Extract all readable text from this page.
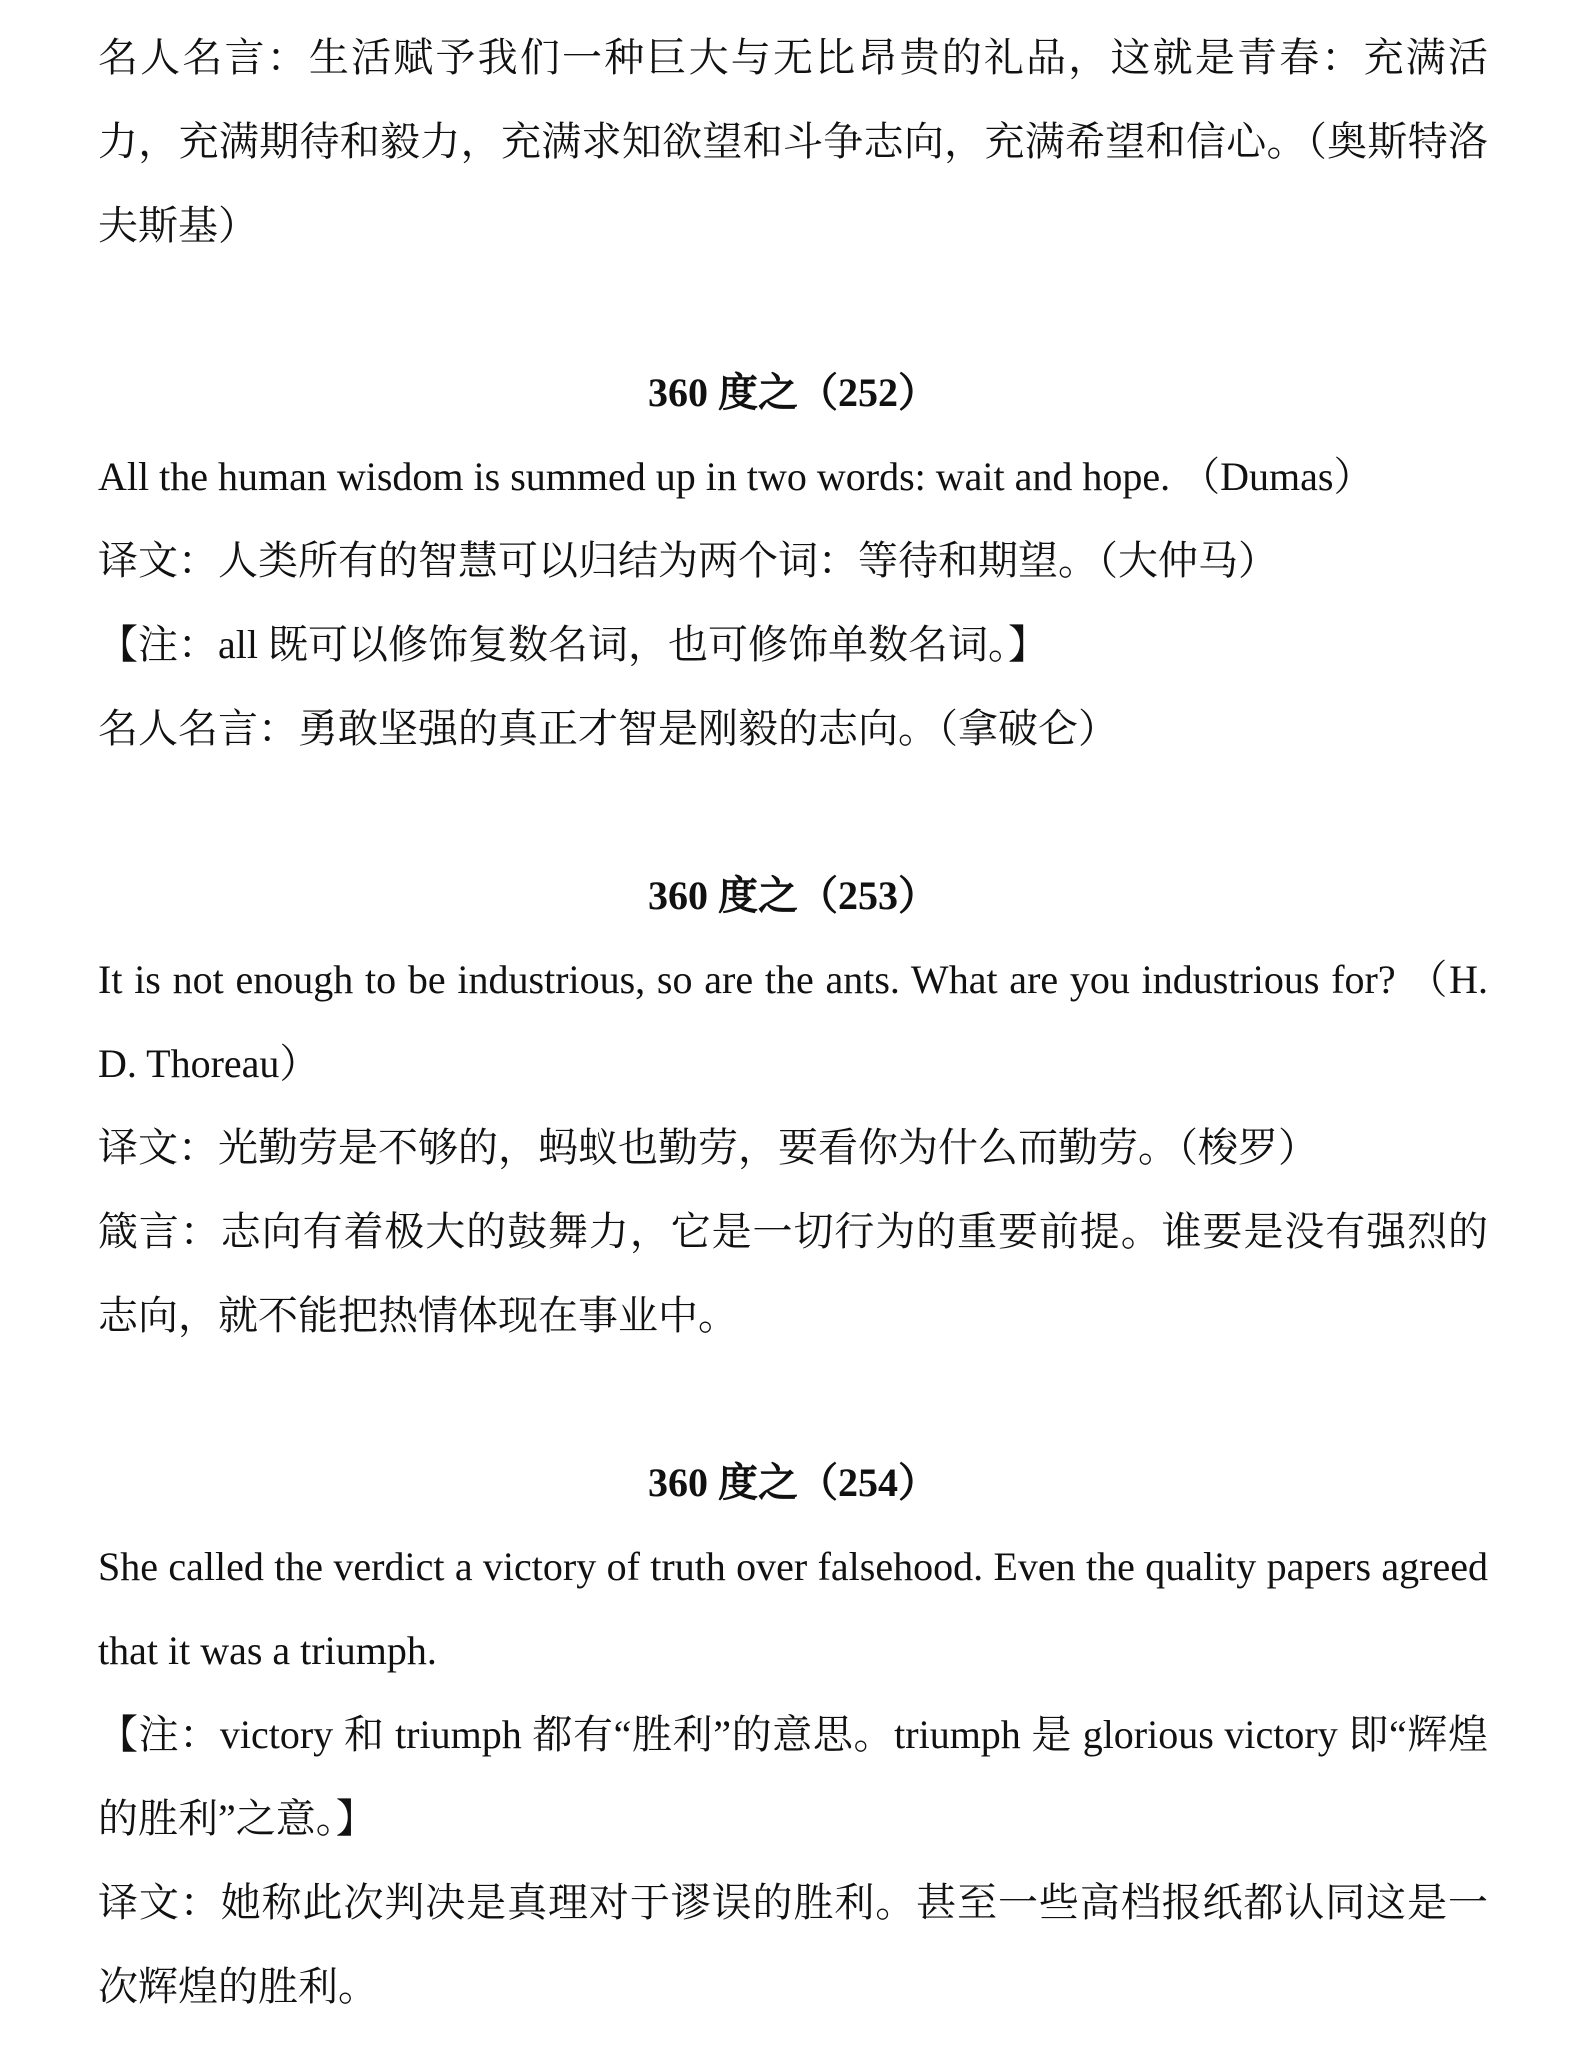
名人名言：生活赋予我们一种巨大与无比昂贵的礼品，这就是青春：充满活力，充满期待和毅力，充满求知欲望和斗争志向，充满希望和信心。（奥斯特洛夫斯基）

360 度之（252）

All the human wisdom is summed up in two words: wait and hope. （Dumas）

译文：人类所有的智慧可以归结为两个词：等待和期望。（大仲马）

【注：all 既可以修饰复数名词，也可修饰单数名词。】

名人名言：勇敢坚强的真正才智是刚毅的志向。（拿破仑）

360 度之（253）

It is not enough to be industrious, so are the ants. What are you industrious for? （H. D. Thoreau）

译文：光勤劳是不够的，蚂蚁也勤劳，要看你为什么而勤劳。（梭罗）

箴言：志向有着极大的鼓舞力，它是一切行为的重要前提。谁要是没有强烈的志向，就不能把热情体现在事业中。

360 度之（254）

She called the verdict a victory of truth over falsehood. Even the quality papers agreed that it was a triumph.

【注：victory 和 triumph 都有“胜利”的意思。triumph 是 glorious victory 即“辉煌的胜利”之意。】

译文：她称此次判决是真理对于谬误的胜利。甚至一些高档报纸都认同这是一次辉煌的胜利。
